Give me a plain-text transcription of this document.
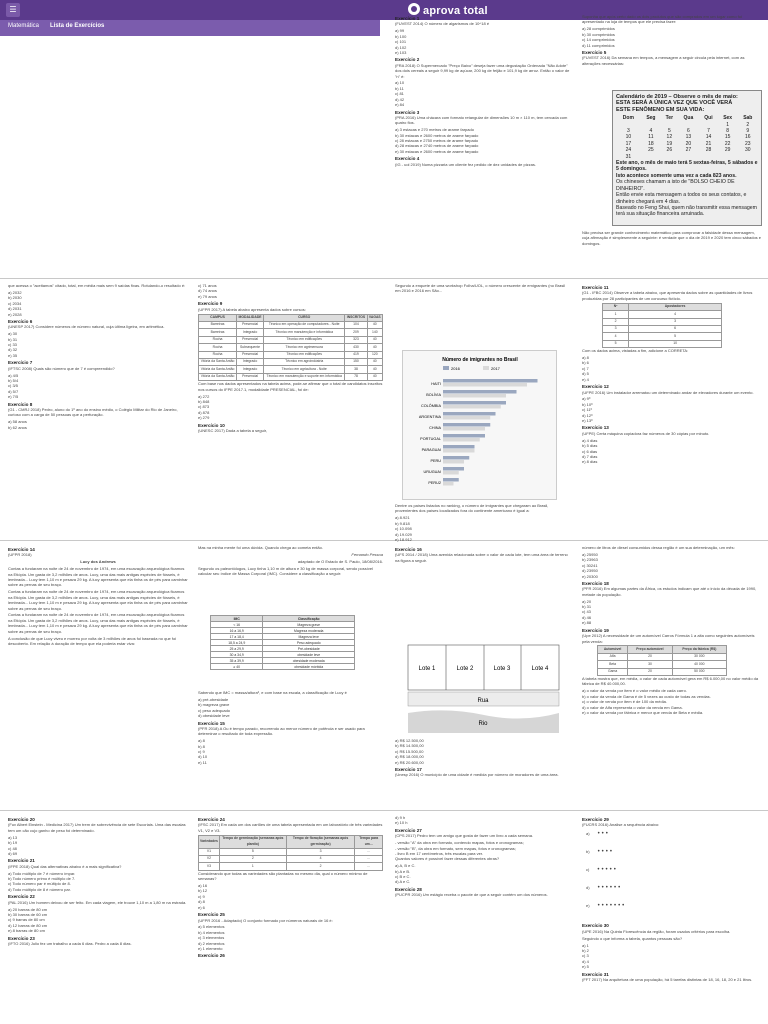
☰	aprova total
Matemática Lista de Exercícios
Exercício 1

(FUVEST 2014) O número de algarismos de 10^18 é

a) 99
b) 100
c) 101
d) 102
e) 103
Exercício 2

(FRA 2018) O Supermercado "Preço Baixo" deseja fazer uma degustação Ordenada "Não Adote" dos dois cereais a seguir 9,99 kg de açúcar, 200 kg de feijão e 101,9 kg de arroz. Então o valor de "n" é:

a) 10
b) 11
c) 81
d) 42
e) 84
Exercício 3

(PRA 2016) Uma chácara com formato retangular de dimensões 10 m × 110 m, tem cercada com quatro fios.

a) 3 estacas e 270 metros de arame farpado
b) 30 estacas e 2600 metros de arame farpado
c) 28 estacas e 2750 metros de arame farpado
d) 28 estacas e 2740 metros de arame farpado
e) 30 estacas e 2600 metros de arame farpado
Exercício 4

(IG - uol 2019) Numa pizzaria um cliente fez pedido de dez unidades de pizzas.

Suponha que após certo dado os dois produtos que são comprados em um lugar como foi apresentado na loja de tempos que ele precisa fazer:

a) 28 comprimidos
b) 30 comprimidos
c) 14 comprimidos
d) 11 comprimidos
Exercício 5

(FUVEST 2016) Da semana em tempos, a mensagem a seguir circula pela internet, com as alterações necessárias:

Calendário de 2019 – Observe o mês de maio:
ESTA SERÁ A ÚNICA VEZ QUE VOCÊ VERÁ
ESTE FENÔMENO EM SUA VIDA:
Dom	Seg	Ter	Qua	Qui	Sex	Sab
					1	2
3	4	5	6	7	8	9
10	11	12	13	14	15	16
17	18	19	20	21	22	23
24	25	26	27	28	29	30
31						
Este ano, o mês de maio terá 5 sextas-feiras, 5 sábados e 5 domingos.
Isto acontece somente uma vez a cada 823 anos.
Os chineses chamam a isto de "BOLSO CHEIO DE DINHEIRO".
Então envie esta mensagem a todos os seus contatos, e dinheiro chegará em 4 dias.
Baseado no Feng Shui, quem não transmitir essa mensagem terá sua situação financeira arruinada.

Não precisa ser grande conhecimento matemático para comprovar a falsidade dessa mensagem, cuja afirmação é simplesmente a seguinte: é verdade que o dia de 2019 e 2020 tem cinco sábados e domingos.

que acessa o "aceitamos" citado, total, em média mais sem 9 saídas fixas. Rotulando-o resultado é:

a) 2032
b) 2030
c) 2034
d) 2031
e) 2028
Exercício 6

(UNESP 2017) Considere números de número natural, cuja última ligeira, em aritmética.

a) 30
b) 31
c) 33
d) 32
e) 35
Exercício 7

(IFTSC 2008) Quais são número que de 7 é compreendido?

a) 4/5
b) 5/4
c) 3/5
d) 5/7
e) 7/5
Exercício 8

(G1 - CMRJ 2018) Pedro, aluno do 1º ano do ensino médio, o Colégio Militar do Rio de Janeiro, curioso com a carga de 50 pessoas que a perfuração.

a) 58 anos
b) 62 anos
c) 71 anos
d) 74 anos
e) 79 anos
Exercício 9

(UFPR 2017) A tabela abaixo apresenta dados sobre cursos:

CAMPUS	MODALIDADE	CURSO	INSCRITOS	VAGAS
Barreiras	Presencial	Técnico em operação de computadores - Noite	104	40
Barreiras	Integrado	Técnico em manutenção e informática	209	140
Rocha	Presencial	Técnico em edificações	323	40
Rocha	Subsequente	Técnico em agrimensura	430	40
Rocha	Presencial	Técnico em edificações	419	120
Vitória da Santa Antão	Integrado	Técnico em agroindústria	150	40
Vitória da Santa Antão	Integrado	Técnico em agricultura - Noite	38	40
Vitória da Santa Antão	Presencial	Técnico em manutenção e suporte em informática	78	40

Com base nos dados apresentados na tabela acima, pode-se afirmar que o total de candidatos inscritos nos cursos do IFPE 2017.1, modalidade PRESENCIAL, foi de:

a) 272
b) 848
c) 873
d) 878
e) 279
Exercício 10

(UNESC 2017) Dada a tabela a seguir,

Segundo a enquete de uma workshop Folha/UOL, o número crescente de emigrantes (no Brasil em 2016 e 2016 em São...

Número de imigrantes no Brasil
2016	2017
HAITI
BOLÍVIA
COLÔMBIA
ARGENTINA
CHINA
PORTUGAL
PARAGUAI
PERU
URUGUAI
PERU2

Dentre os países listados no ranking, o número de imigrantes que chegaram ao Brasil, provenientes dos países localizados fora do continente americano é igual a:

a) 8.921
b) 9.818
c) 10.098
d) 19.029
e) 18.912
Exercício 11

(G1 - IFBC 2014) Observe a tabela abaixo, que apresenta dados sobre as quantidades de livros produzidas por 28 participantes de um concurso fictício.

Nº	Apostadores
1	4
2	3
3	6
4	5
5	10

Com os dados acima, vistadas a fim, adicione a CORRETA:

a) 8
b) 6
c) 7
d) 5
e) 4
Exercício 12

(UFPE 2016) Um instalador arrematou um determinado andar de elevadores durante um evento.

a) 9º
b) 10º
c) 11º
d) 12º
e) 13º
Exercício 13

(UFPE) Certa máquina copiadora faz números de 30 cópias por minuto.

a) 4 dias
b) 5 dias
c) 6 dias
d) 7 dias
e) 8 dias
Exercício 14

(UFPR 2018)

Lucy dos Andrews

Contas a fundaram na noite de 24 de novembro de 1974, em uma escavação arqueológica ficamos na Etiópia. Um gasta de 3,2 milhões de anos. Lucy, uma das mais antigas espécies de fósseis, é lembrada... Lucy tem 1,10 m e pesava 29 kg. A lucy apresenta que ela tinha os de pés para caminhar sobre as pernas de seu braço.

Contas a fundaram na noite de 24 de novembro de 1974, em uma escavação arqueológica ficamos na Etiópia. Um gasta de 3,2 milhões de anos. Lucy, uma das mais antigas espécies de fósseis, é lembrada... Lucy tem 1,10 m e pesava 29 kg. A lucy apresenta que ela tinha os de pés para caminhar sobre as pernas de seu braço.

Contas a fundaram na noite de 24 de novembro de 1974, em uma escavação arqueológica ficamos na Etiópia. Um gasta de 3,2 milhões de anos. Lucy, uma das mais antigas espécies de fósseis, é lembrada... Lucy tem 1,10 m e pesava 29 kg. A lucy apresenta que ela tinha os de pés para caminhar sobre as pernas de seu braço.

A conclusão de que Lucy viveu e morreu por volta de 3 milhões de anos foi baseada no que foi descoberto. Em relação à duração de tempo que ela poderia estar viva:

Mas na minha mente foi uma dúvida. Quando chega ao cometa então.

Fernando Pessoa

adaptado de O Estado de S. Paulo, 18/08/2016.

Segundo os paleontólogos, Lucy tinha 1,10 m de altura e 30 kg de massa corporal, sendo possível calcular seu índice de Massa Corporal (IMC). Considere a classificação a seguir:

IMC	Classificação
< 16	Magreza grave
16 a 16,9	Magreza moderada
17 a 18,4	Magreza leve
18,5 a 24,9	Peso adequado
25 a 29,9	Pré-obesidade
30 a 34,9	obesidade leve
35 a 39,9	obesidade moderada
≥ 40	obesidade mórbida

Sabendo que IMC = massa/altura², e com base na escala, a classificação de Lucy é

a) pré-obesidade
b) magreza grave
c) peso adequado
d) obesidade leve
Exercício 15

(PFR 2018) A Ou é tempo parado, recorrendo ao menor número de potência e ser usado para determinar o resultado de toda expressão.

a) 8
b) 8
c) 9
d) 10
e) 11
Exercício 16

(UFS 2014 / 2018) Uma avenida relacionada sobre o valor de cada lote, tem uma área de terreno na figura a seguir.

Lote 1	Lote 2	Lote 3	Lote 4
Rua
Rio
a) R$ 12.500,00
b) R$ 14.500,00
c) R$ 15.500,00
d) R$ 18.000,00
e) R$ 20.600,00
Exercício 17

(Unesp 2016) O município de uma cidade é medida por número de moradores de uma área.

número de litros de diesel consumidos dessa região é um sua determinação, um mês:

a) 25950
b) 23963
c) 30241
d) 23950
e) 20300
Exercício 18

(PFR 2016) Em algumas partes da África, os estudos indicam que até o início da década de 1990, metade da população.

a) 20
b) 31
c) 43
d) 46
e) 88
Exercício 19

(Upe 2012) A necessidade de um automóvel Carros Fórmula 1 a alta como seguintes automóveis pela venda:

Automóvel	Preço automóvel	Preço da fábrica (R$)
Alfa	20	30 000
Beta	30	40 000
Gama	20	50 000

A tabela mostra que, em média, o valor de cada automóvel gera em R$ 6.000,00 no valor médio da fábrica de R$ 40.000,00.

a) o valor da venda por item é o valor médio de cada carro.
b) o valor da venda de Gama é de 5 vezes ao custo de todas as vendas.
c) o valor de venda por item é de 100 da média.
d) o valor de Alfa representa o valor da venda em Gama.
e) o valor da venda por fábrica e menor que venda de Beta e média.
Exercício 20

(Fuv Albert Einstein - Medicina 2017) Um trem de sobrevivência de sete Escoriais. Uma das escalas tem um cão cujo ganho de peso foi determinado.

a) 13
b) 19
c) 48
d) 69
Exercício 21

(IFPE 2018) Qual das alternativas abaixo é a mais significativa?

a) Todo múltiplo de 7 é número ímpar.
b) Todo número primo é múltiplo de 7.
c) Todo número par é múltiplo de 8.
d) Todo múltiplo de 8 é número par.
Exercício 22

(PAL 2016) Um homem deixou de ser feito. Em cada viagem, ele trouxe 1,10 m a 1,80 m na estrada.

a) 20 barras de 80 cm
b) 30 barras de 60 cm
c) 9 barras de 80 cm
d) 12 barras de 80 cm
e) 8 barras de 80 cm
Exercício 23

(IFTO 2016) Julio fez um trabalho a cada 6 dias. Pedro a cada 8 dias.

Exercício 24

(IFSC 2017) Em cada um dos cartões de uma tabela apresentada em um laboratório de três variedades V1, V2 e V3.

Variedades	Tempo de germinação (semanas após plantio)	Tempo de floração (semanas após germinação)	Tempo para um...
V1	5	3	...
V2	2	4	...
V3	1	2	...

Considerando que todas as variedades são plantadas no mesmo dia, qual o número mínimo de semanas?

a) 16
b) 12
c) 9
d) 8
e) 6
Exercício 25

(UFPR 2016 - Adaptado) O conjunto formado por números naturais de 16 é:

a) 5 elementos
b) 4 elementos
c) 3 elementos
d) 2 elementos
e) 1 elemento
Exercício 26
d) 9 h
e) 10 h
Exercício 27

(CPS 2017) Pedro tem um amigo que gosta de fazer um livro a cada semana.

- versão "A" da obra em formato, contendo mapas, fotos e cronogramas;
- versão "B", da obra em formato, sem mapas, fotos e cronogramas;
- livro B em 17 centímetros, três escalas para ver.

Quantos valores é possível fazer dessas diferentes obras?

a) A, B e C.
b) A e B.
c) B e C.
d) A e C.
Exercício 28

(PUCPR 2016) Um estágio receba o pacote de que a seguir contém um dos números.

Exercício 29

(FUCRS 2016) Analise a sequência abaixo:

a) •••
b) ••••
c) •••••
d) ••••••
e) •••••••
Exercício 30

(UPE 2016) Na Quinta Florescência da região, foram usados critérios para escolha.

Seguindo o que informa a tabela, quantos pessoas são?

a) 1
b) 2
c) 3
d) 4
e) 5
Exercício 31

(FFT 2017) Na arquitetura de uma população, há 5 tarefas distintas de 18, 16, 18, 20 e 21 litros.
